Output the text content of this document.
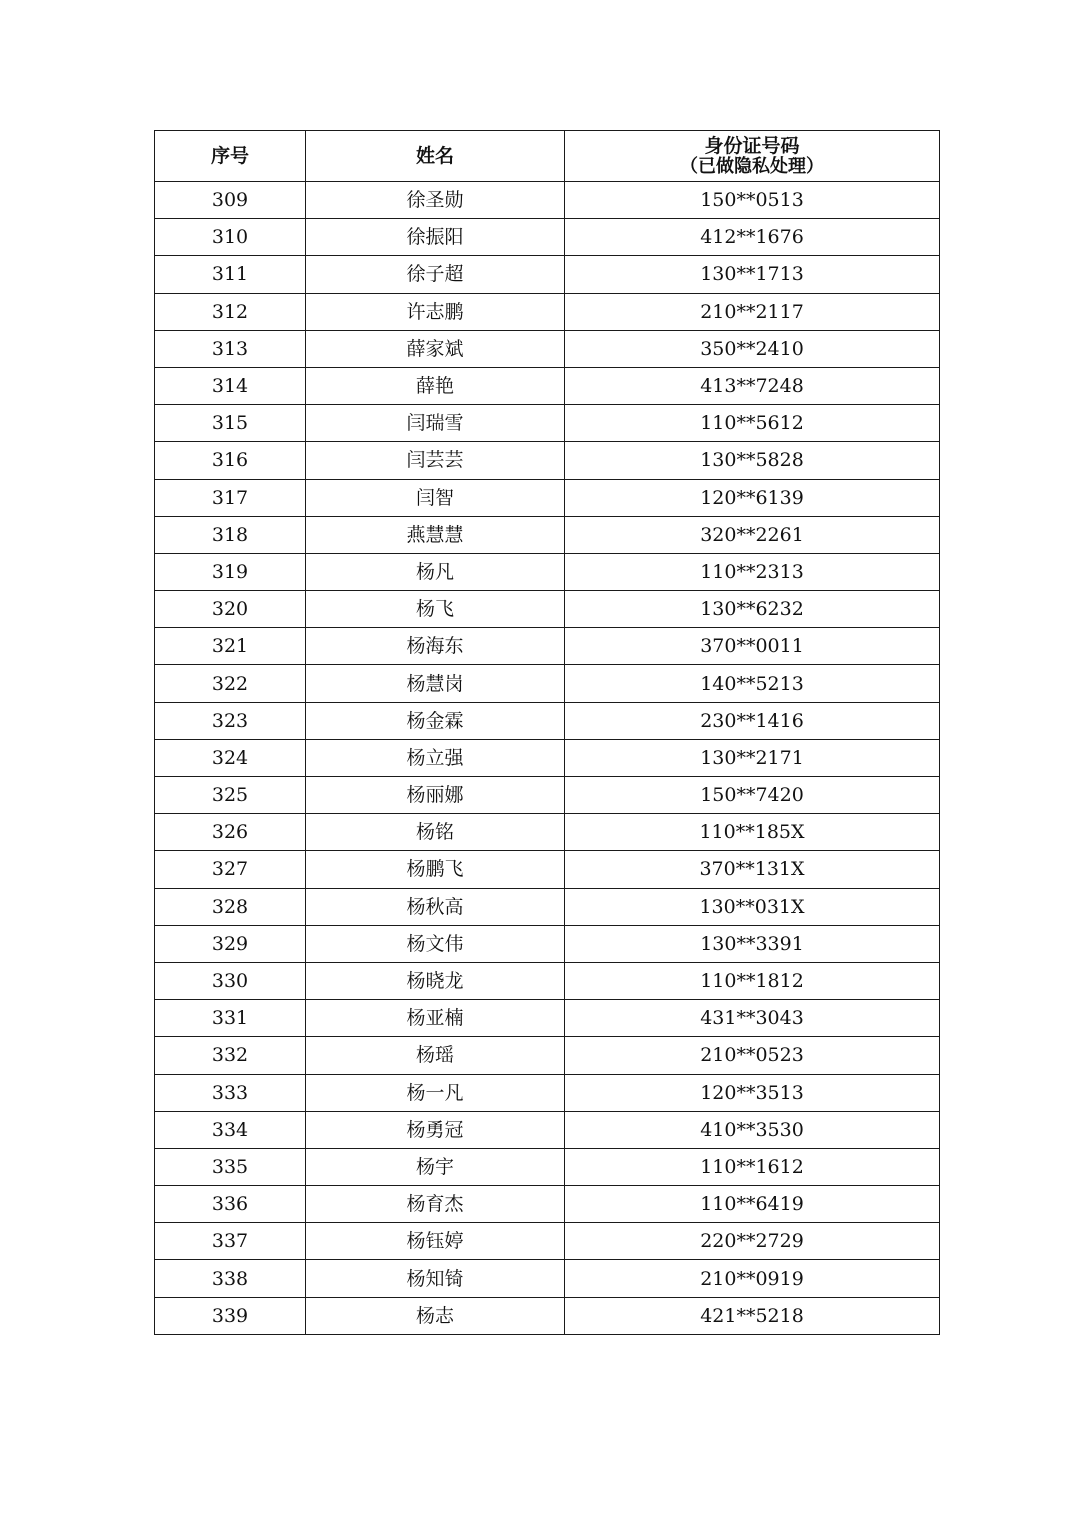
序号	姓名	身份证号码
（已做隐私处理）

309	徐圣勋	150**0513
310	徐振阳	412**1676
311	徐子超	130**1713
312	许志鹏	210**2117
313	薛家斌	350**2410
314	薛艳	413**7248
315	闫瑞雪	110**5612
316	闫芸芸	130**5828
317	闫智	120**6139
318	燕慧慧	320**2261
319	杨凡	110**2313
320	杨飞	130**6232
321	杨海东	370**0011
322	杨慧岗	140**5213
323	杨金霖	230**1416
324	杨立强	130**2171
325	杨丽娜	150**7420
326	杨铭	110**185X
327	杨鹏飞	370**131X
328	杨秋高	130**031X
329	杨文伟	130**3391
330	杨晓龙	110**1812
331	杨亚楠	431**3043
332	杨瑶	210**0523
333	杨一凡	120**3513
334	杨勇冠	410**3530
335	杨宇	110**1612
336	杨育杰	110**6419
337	杨钰婷	220**2729
338	杨知锜	210**0919
339	杨志	421**5218
